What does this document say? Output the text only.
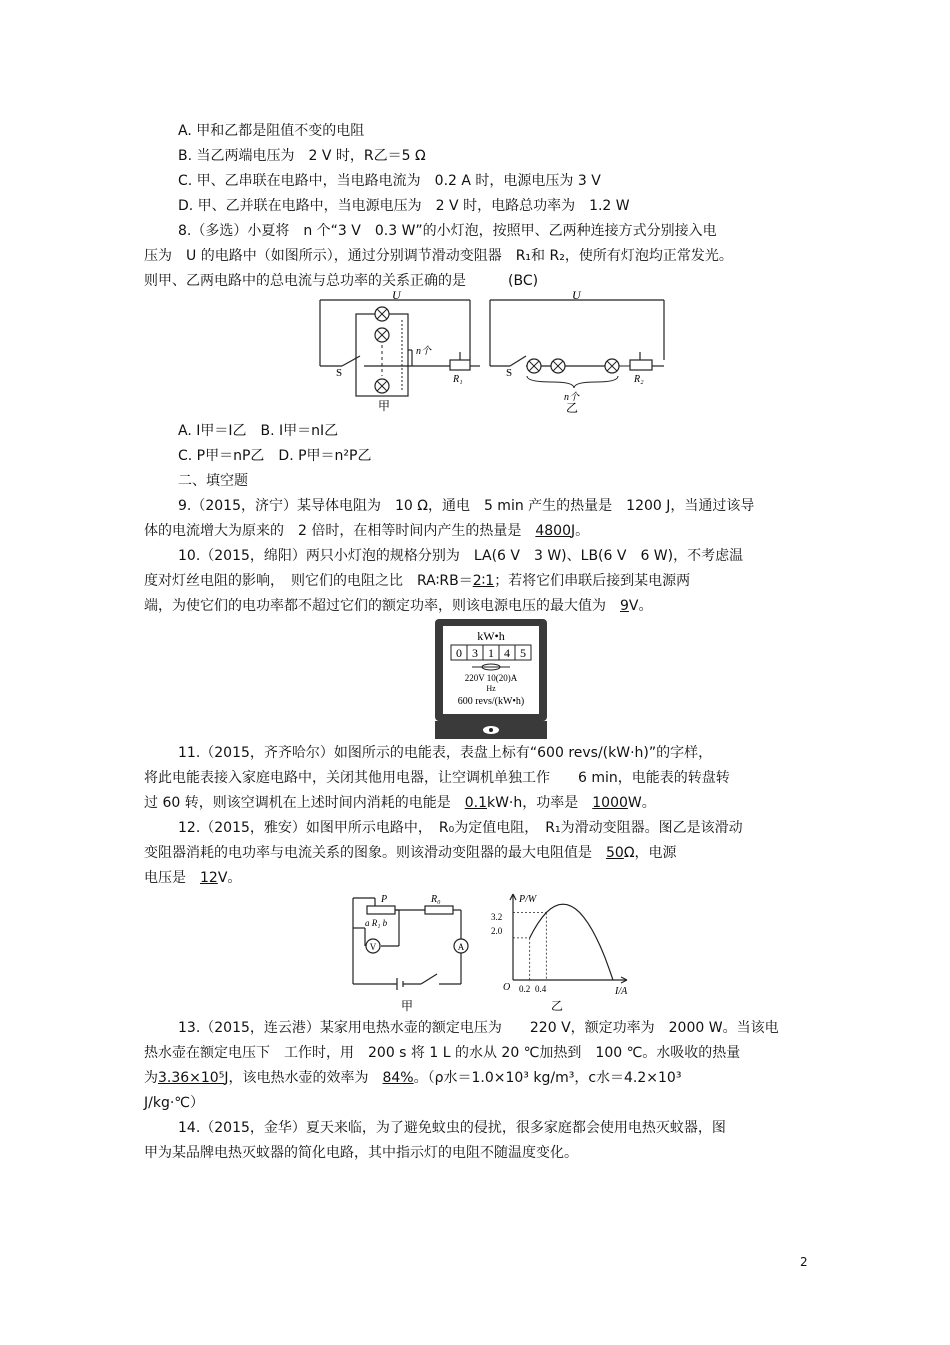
A. 甲和乙都是阻值不变的电阻
B. 当乙两端电压为　2 V 时，R乙＝5 Ω
C. 甲、乙串联在电路中，当电路电流为　0.2 A 时，电源电压为 3 V
D. 甲、乙并联在电路中，当电源电压为　2 V 时，电路总功率为　1.2 W
8.（多选）小夏将　n 个“3 V　0.3 W”的小灯泡，按照甲、乙两种连接方式分别接入电
压为　U 的电路中（如图所示），通过分别调节滑动变阻器　R₁和 R₂，使所有灯泡均正常发光。
则甲、乙两电路中的总电流与总功率的关系正确的是　　　(BC)
U
S
n个
R₁
甲
U
S
n个
R₂
乙
A. I甲＝I乙　B. I甲＝nI乙
C. P甲＝nP乙　D. P甲＝n²P乙
二、填空题
9.（2015，济宁）某导体电阻为　10 Ω，通电　5 min 产生的热量是　1200 J，当通过该导
体的电流增大为原来的　2 倍时，在相等时间内产生的热量是　 4800J。
10.（2015，绵阳）两只小灯泡的规格分别为　LA(6 V　3 W)、LB(6 V　6 W)，不考虑温
度对灯丝电阻的影响，　则它们的电阻之比　RA∶RB＝2∶1；若将它们串联后接到某电源两
端，为使它们的电功率都不超过它们的额定功率，则该电源电压的最大值为　 9V。
kW•h
0 3 1 4 5
220V 10(20)A
Hz
600 revs/(kW•h)
11.（2015，齐齐哈尔）如图所示的电能表，表盘上标有“600 revs/(kW·h)”的字样，
将此电能表接入家庭电路中，关闭其他用电器，让空调机单独工作　　6 min，电能表的转盘转
过 60 转，则该空调机在上述时间内消耗的电能是　 0.1kW·h，功率是　 1000W。
12.（2015，雅安）如图甲所示电路中，　R₀为定值电阻，　R₁为滑动变阻器。图乙是该滑动
变阻器消耗的电功率与电流关系的图象。则该滑动变阻器的最大电阻值是　 50Ω，电源
电压是　 12V。
P
a R₁ b
R₀
V	A
甲
P/W
I/A
O
3.2
2.0
0.2 0.4
乙
13.（2015，连云港）某家用电热水壶的额定电压为　　220 V，额定功率为　2000 W。当该电
热水壶在额定电压下　工作时，用　200 s 将 1 L 的水从 20 ℃加热到　100 ℃。水吸收的热量
为3.36×10⁵J，该电热水壶的效率为　 84%。（ρ水＝1.0×10³ kg/m³，c水＝4.2×10³
J/kg·℃）
14.（2015，金华）夏天来临，为了避免蚊虫的侵扰，很多家庭都会使用电热灭蚊器，图
甲为某品牌电热灭蚊器的简化电路，其中指示灯的电阻不随温度变化。
2
